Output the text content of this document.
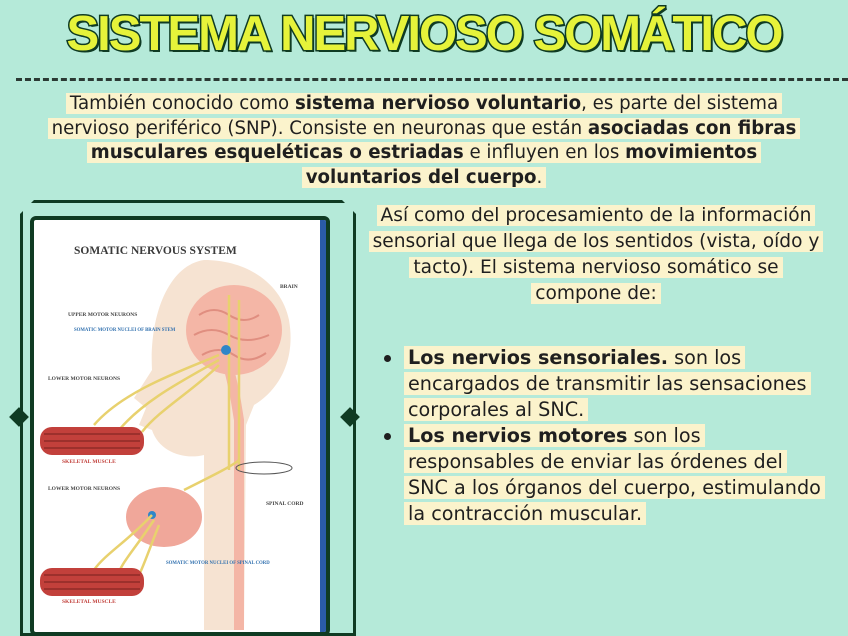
SISTEMA NERVIOSO SOMÁTICO

También conocido como sistema nervioso voluntario, es parte del sistema nervioso periférico (SNP). Consiste en neuronas que están asociadas con fibras musculares esqueléticas o estriadas e influyen en los movimientos voluntarios del cuerpo.

SOMATIC NERVOUS SYSTEM
BRAIN
UPPER MOTOR NEURONS
SOMATIC MOTOR NUCLEI OF BRAIN STEM
LOWER MOTOR NEURONS
SKELETAL MUSCLE
LOWER MOTOR NEURONS
SPINAL CORD
SOMATIC MOTOR NUCLEI OF SPINAL CORD
SKELETAL MUSCLE

Así como del procesamiento de la información sensorial que llega de los sentidos (vista, oído y tacto). El sistema nervioso somático se compone de:

Los nervios sensoriales. son los encargados de transmitir las sensaciones corporales al SNC.
Los nervios motores son los responsables de enviar las órdenes del SNC a los órganos del cuerpo, estimulando la contracción muscular.
